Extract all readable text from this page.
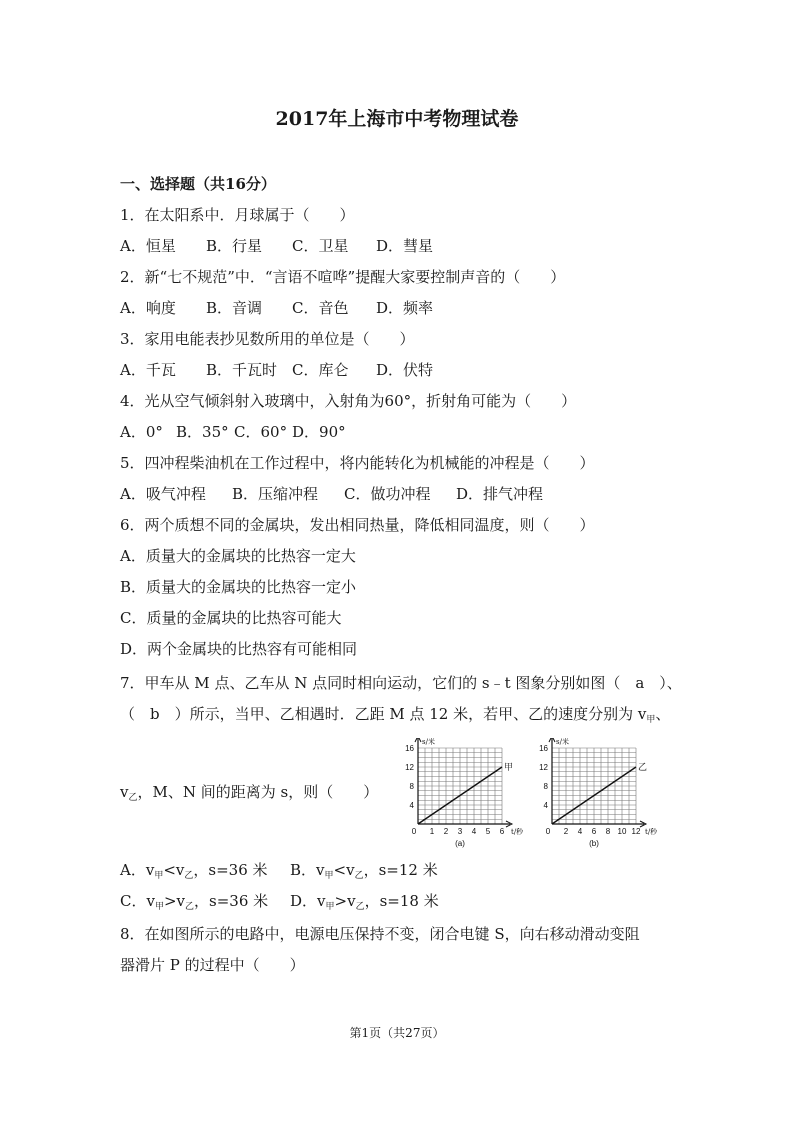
2017年上海市中考物理试卷
一、选择题（共16分）
1．在太阳系中．月球属于（　　）
A．恒星 B．行星 C．卫星 D．彗星
2．新“七不规范”中．“言语不喧哗”提醒大家要控制声音的（　　）
A．响度 B．音调 C．音色 D．频率
3．家用电能表抄见数所用的单位是（　　）
A．千瓦 B．千瓦时 C．库仑 D．伏特
4．光从空气倾斜射入玻璃中，入射角为60°，折射角可能为（　　）
A．0° B．35° C．60° D．90°
5．四冲程柴油机在工作过程中，将内能转化为机械能的冲程是（　　）
A．吸气冲程 B．压缩冲程 C．做功冲程 D．排气冲程
6．两个质想不同的金属块，发出相同热量，降低相同温度，则（　　）
A．质量大的金属块的比热容一定大
B．质量大的金属块的比热容一定小
C．质量的金属块的比热容可能大
D．两个金属块的比热容有可能相同
7．甲车从 M 点、乙车从 N 点同时相向运动，它们的 s﹣t 图象分别如图（　a　）、
（　b　）所示，当甲、乙相遇时．乙距 M 点 12 米，若甲、乙的速度分别为 $v_甲$、
$v_乙$，M、N 间的距离为 s，则（　　）
4
8
12
16
0 1 2 3 4 5 6
s/米
t/秒
甲
(a)
4
8
12
16
0 2 4 6 8 10 12
s/米
t/秒
乙
(b)
A．$v_甲<v_乙$，s=36 米 B．$v_甲<v_乙$，s=12 米
C．$v_甲>v_乙$，s=36 米 D．$v_甲>v_乙$，s=18 米
8．在如图所示的电路中，电源电压保持不变，闭合电键 S，向右移动滑动变阻
器滑片 P 的过程中（　　）
第1页（共27页）
